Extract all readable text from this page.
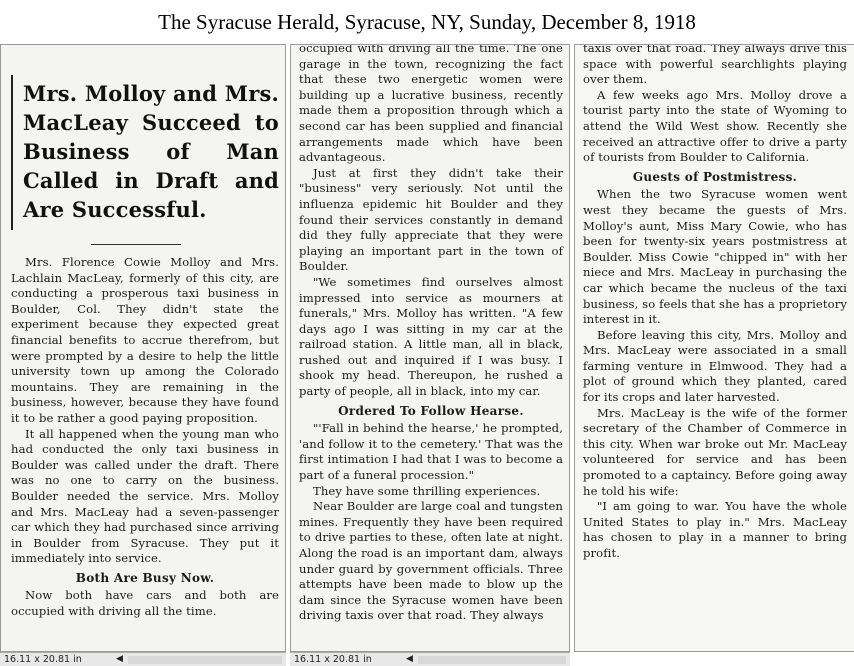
The Syracuse Herald, Syracuse, NY, Sunday, December 8, 1918
Mrs. Molloy and Mrs. MacLeay Succeed to Business of Man Called in Draft and Are Successful.

Mrs. Florence Cowie Molloy and Mrs. Lachlain MacLeay, formerly of this city, are conducting a prosperous taxi business in Boulder, Col. They didn't state the experiment because they expected great financial benefits to accrue therefrom, but were prompted by a desire to help the little university town up among the Colorado mountains. They are remaining in the business, however, because they have found it to be rather a good paying proposition.

It all happened when the young man who had conducted the only taxi business in Boulder was called under the draft. There was no one to carry on the business. Boulder needed the service. Mrs. Molloy and Mrs. MacLeay had a seven-passenger car which they had purchased since arriving in Boulder from Syracuse. They put it immediately into service.

Both Are Busy Now.

Now both have cars and both are occupied with driving all the time.

occupied with driving all the time. The one garage in the town, recognizing the fact that these two energetic women were building up a lucrative business, recently made them a proposition through which a second car has been supplied and financial arrangements made which have been advantageous.

Just at first they didn't take their "business" very seriously. Not until the influenza epidemic hit Boulder and they found their services constantly in demand did they fully appreciate that they were playing an important part in the town of Boulder.

"We sometimes find ourselves almost impressed into service as mourners at funerals," Mrs. Molloy has written. "A few days ago I was sitting in my car at the railroad station. A little man, all in black, rushed out and inquired if I was busy. I shook my head. Thereupon, he rushed a party of people, all in black, into my car.

Ordered To Follow Hearse.

"'Fall in behind the hearse,' he prompted, 'and follow it to the cemetery.' That was the first intimation I had that I was to become a part of a funeral procession."

They have some thrilling experiences.

Near Boulder are large coal and tungsten mines. Frequently they have been required to drive parties to these, often late at night. Along the road is an important dam, always under guard by government officials. Three attempts have been made to blow up the dam since the Syracuse women have been driving taxis over that road. They always

taxis over that road. They always drive this space with powerful searchlights playing over them.

A few weeks ago Mrs. Molloy drove a tourist party into the state of Wyoming to attend the Wild West show. Recently she received an attractive offer to drive a party of tourists from Boulder to California.

Guests of Postmistress.

When the two Syracuse women went west they became the guests of Mrs. Molloy's aunt, Miss Mary Cowie, who has been for twenty-six years postmistress at Boulder. Miss Cowie "chipped in" with her niece and Mrs. MacLeay in purchasing the car which became the nucleus of the taxi business, so feels that she has a proprietory interest in it.

Before leaving this city, Mrs. Molloy and Mrs. MacLeay were associated in a small farming venture in Elmwood. They had a plot of ground which they planted, cared for its crops and later harvested.

Mrs. MacLeay is the wife of the former secretary of the Chamber of Commerce in this city. When war broke out Mr. MacLeay volunteered for service and has been promoted to a captaincy. Before going away he told his wife:

"I am going to war. You have the whole United States to play in." Mrs. MacLeay has chosen to play in a manner to bring profit.

16.11 x 20.81 in	◀	16.11 x 20.81 in	◀
